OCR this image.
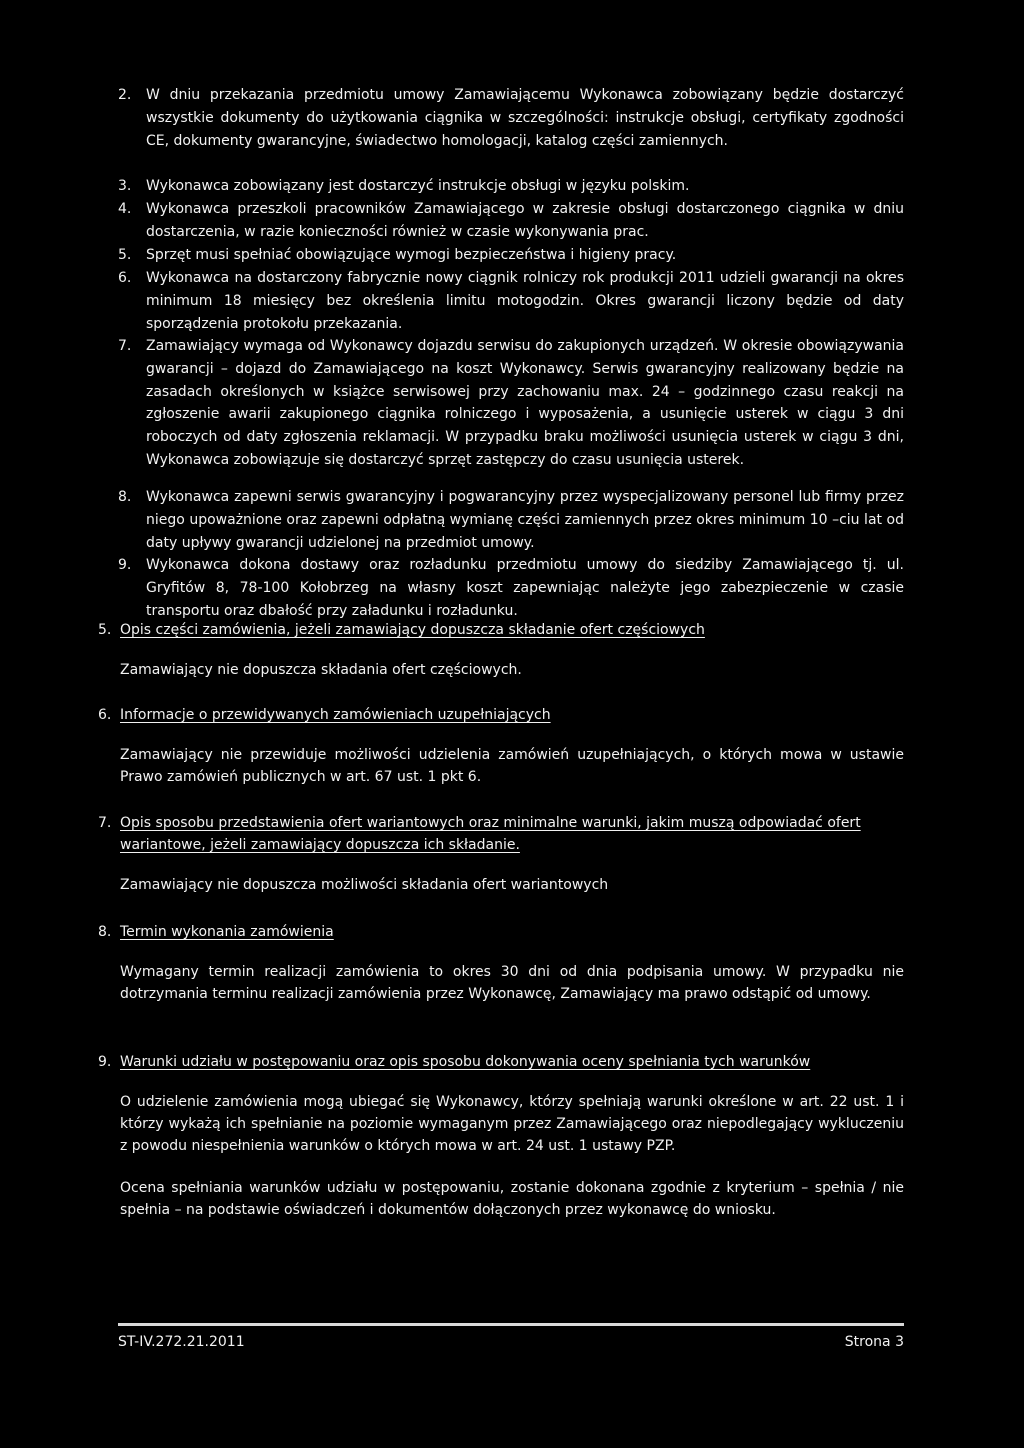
2. W dniu przekazania przedmiotu umowy Zamawiającemu Wykonawca zobowiązany będzie dostarczyć wszystkie dokumenty do użytkowania ciągnika w szczególności: instrukcje obsługi, certyfikaty zgodności CE, dokumenty gwarancyjne, świadectwo homologacji, katalog części zamiennych.
3. Wykonawca zobowiązany jest dostarczyć instrukcje obsługi w języku polskim.
4. Wykonawca przeszkoli pracowników Zamawiającego w zakresie obsługi dostarczonego ciągnika w dniu dostarczenia, w razie konieczności również w czasie wykonywania prac.
5. Sprzęt musi spełniać obowiązujące wymogi bezpieczeństwa i higieny pracy.
6. Wykonawca na dostarczony fabrycznie nowy ciągnik rolniczy rok produkcji 2011 udzieli gwarancji na okres minimum 18 miesięcy bez określenia limitu motogodzin. Okres gwarancji liczony będzie od daty sporządzenia protokołu przekazania.
7. Zamawiający wymaga od Wykonawcy dojazdu serwisu do zakupionych urządzeń. W okresie obowiązywania gwarancji – dojazd do Zamawiającego na koszt Wykonawcy. Serwis gwarancyjny realizowany będzie na zasadach określonych w książce serwisowej przy zachowaniu max. 24 – godzinnego czasu reakcji na zgłoszenie awarii zakupionego ciągnika rolniczego i wyposażenia, a usunięcie usterek w ciągu 3 dni roboczych od daty zgłoszenia reklamacji. W przypadku braku możliwości usunięcia usterek w ciągu 3 dni, Wykonawca zobowiązuje się dostarczyć sprzęt zastępczy do czasu usunięcia usterek.
8. Wykonawca zapewni serwis gwarancyjny i pogwarancyjny przez wyspecjalizowany personel lub firmy przez niego upoważnione oraz zapewni odpłatną wymianę części zamiennych przez okres minimum 10 –ciu lat od daty upływy gwarancji udzielonej na przedmiot umowy.
9. Wykonawca dokona dostawy oraz rozładunku przedmiotu umowy do siedziby Zamawiającego tj. ul. Gryfitów 8, 78-100 Kołobrzeg na własny koszt zapewniając należyte jego zabezpieczenie w czasie transportu oraz dbałość przy załadunku i rozładunku.
5. Opis części zamówienia, jeżeli zamawiający dopuszcza składanie ofert częściowych

Zamawiający nie dopuszcza składania ofert częściowych.

6. Informacje o przewidywanych zamówieniach uzupełniających

Zamawiający nie przewiduje możliwości udzielenia zamówień uzupełniających, o których mowa w ustawie Prawo zamówień publicznych w art. 67 ust. 1 pkt 6.

7. Opis sposobu przedstawienia ofert wariantowych oraz minimalne warunki, jakim muszą odpowiadać ofert wariantowe, jeżeli zamawiający dopuszcza ich składanie.

Zamawiający nie dopuszcza możliwości składania ofert wariantowych

8. Termin wykonania zamówienia

Wymagany termin realizacji zamówienia to okres 30 dni od dnia podpisania umowy. W przypadku nie dotrzymania terminu realizacji zamówienia przez Wykonawcę, Zamawiający ma prawo odstąpić od umowy.

9. Warunki udziału w postępowaniu oraz opis sposobu dokonywania oceny spełniania tych warunków

O udzielenie zamówienia mogą ubiegać się Wykonawcy, którzy spełniają warunki określone w art. 22 ust. 1 i którzy wykażą ich spełnianie na poziomie wymaganym przez Zamawiającego oraz niepodlegający wykluczeniu z powodu niespełnienia warunków o których mowa w art. 24 ust. 1 ustawy PZP.

Ocena spełniania warunków udziału w postępowaniu, zostanie dokonana zgodnie z kryterium – spełnia / nie spełnia – na podstawie oświadczeń i dokumentów dołączonych przez wykonawcę do wniosku.

ST-IV.272.21.2011	Strona 3
